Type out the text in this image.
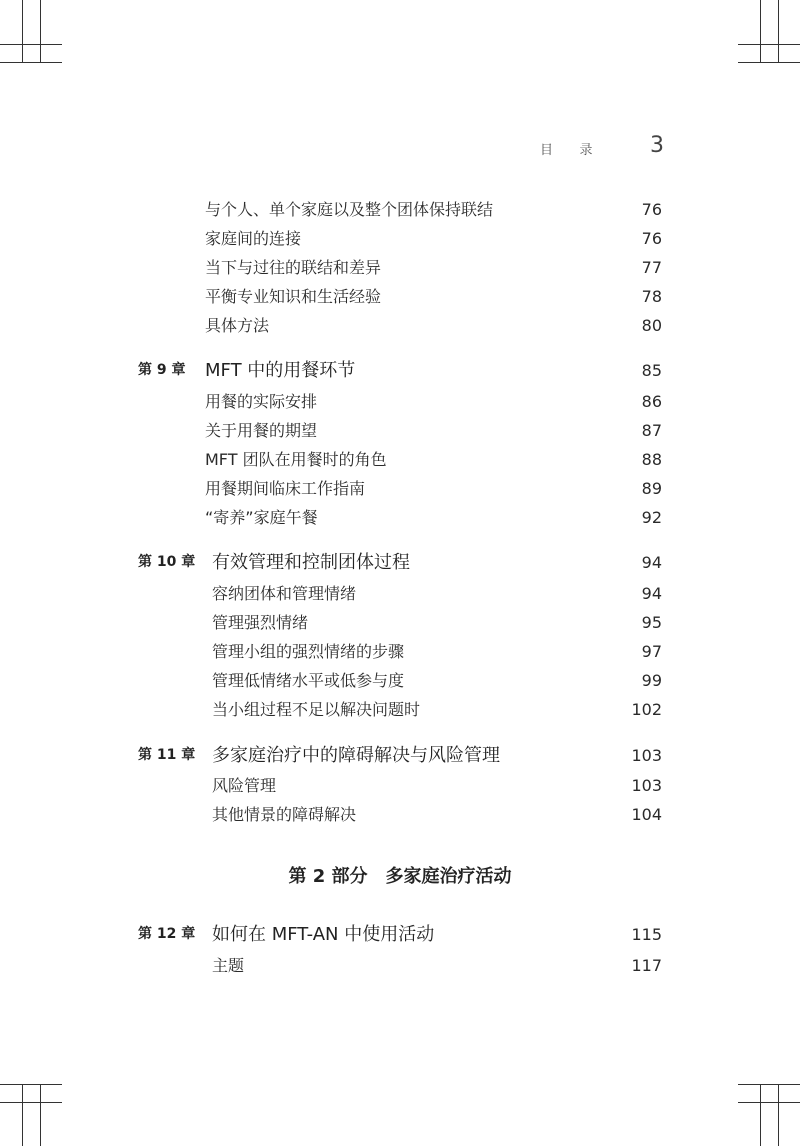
目 录	3
与个人、单个家庭以及整个团体保持联结	76
家庭间的连接	76
当下与过往的联结和差异	77
平衡专业知识和生活经验	78
具体方法	80
第 9 章 MFT 中的用餐环节	85
用餐的实际安排	86
关于用餐的期望	87
MFT 团队在用餐时的角色	88
用餐期间临床工作指南	89
“寄养”家庭午餐	92
第 10 章 有效管理和控制团体过程	94
容纳团体和管理情绪	94
管理强烈情绪	95
管理小组的强烈情绪的步骤	97
管理低情绪水平或低参与度	99
当小组过程不足以解决问题时	102
第 11 章 多家庭治疗中的障碍解决与风险管理	103
风险管理	103
其他情景的障碍解决	104
第 2 部分　多家庭治疗活动
第 12 章 如何在 MFT-AN 中使用活动	115
主题	117
